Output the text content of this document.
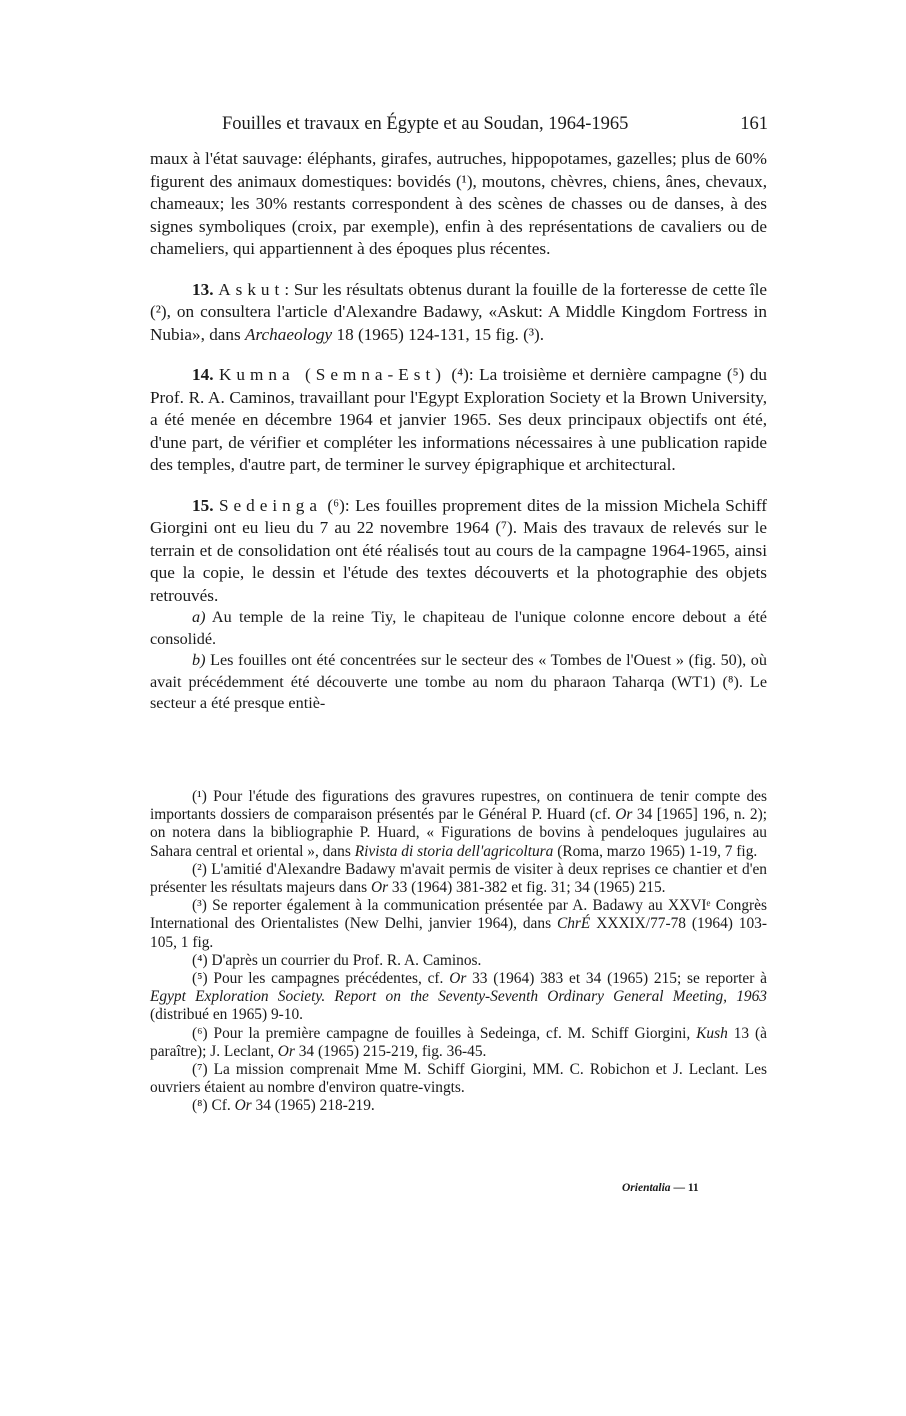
Fouilles et travaux en Égypte et au Soudan, 1964-1965	161

maux à l'état sauvage: éléphants, girafes, autruches, hippopotames, gazelles; plus de 60% figurent des animaux domestiques: bovidés (¹), moutons, chèvres, chiens, ânes, chevaux, chameaux; les 30% restants correspondent à des scènes de chasses ou de danses, à des signes symboliques (croix, par exemple), enfin à des représentations de cavaliers ou de chameliers, qui appartiennent à des époques plus récentes.

13. Askut: Sur les résultats obtenus durant la fouille de la forteresse de cette île (²), on consultera l'article d'Alexandre Badawy, «Askut: A Middle Kingdom Fortress in Nubia», dans Archaeology 18 (1965) 124-131, 15 fig. (³).

14. Kumna (Semna-Est) (⁴): La troisième et dernière campagne (⁵) du Prof. R. A. Caminos, travaillant pour l'Egypt Exploration Society et la Brown University, a été menée en décembre 1964 et janvier 1965. Ses deux principaux objectifs ont été, d'une part, de vérifier et compléter les informations nécessaires à une publication rapide des temples, d'autre part, de terminer le survey épigraphique et architectural.

15. Sedeinga (⁶): Les fouilles proprement dites de la mission Michela Schiff Giorgini ont eu lieu du 7 au 22 novembre 1964 (⁷). Mais des travaux de relevés sur le terrain et de consolidation ont été réalisés tout au cours de la campagne 1964-1965, ainsi que la copie, le dessin et l'étude des textes découverts et la photographie des objets retrouvés.

a) Au temple de la reine Tiy, le chapiteau de l'unique colonne encore debout a été consolidé.

b) Les fouilles ont été concentrées sur le secteur des « Tombes de l'Ouest » (fig. 50), où avait précédemment été découverte une tombe au nom du pharaon Taharqa (WT1) (⁸). Le secteur a été presque entiè-

(¹) Pour l'étude des figurations des gravures rupestres, on continuera de tenir compte des importants dossiers de comparaison présentés par le Général P. Huard (cf. Or 34 [1965] 196, n. 2); on notera dans la bibliographie P. Huard, « Figurations de bovins à pendeloques jugulaires au Sahara central et oriental », dans Rivista di storia dell'agricoltura (Roma, marzo 1965) 1-19, 7 fig.

(²) L'amitié d'Alexandre Badawy m'avait permis de visiter à deux reprises ce chantier et d'en présenter les résultats majeurs dans Or 33 (1964) 381-382 et fig. 31; 34 (1965) 215.

(³) Se reporter également à la communication présentée par A. Badawy au XXVIᵉ Congrès International des Orientalistes (New Delhi, janvier 1964), dans ChrÉ XXXIX/77-78 (1964) 103-105, 1 fig.

(⁴) D'après un courrier du Prof. R. A. Caminos.

(⁵) Pour les campagnes précédentes, cf. Or 33 (1964) 383 et 34 (1965) 215; se reporter à Egypt Exploration Society. Report on the Seventy-Seventh Ordinary General Meeting, 1963 (distribué en 1965) 9-10.

(⁶) Pour la première campagne de fouilles à Sedeinga, cf. M. Schiff Giorgini, Kush 13 (à paraître); J. Leclant, Or 34 (1965) 215-219, fig. 36-45.

(⁷) La mission comprenait Mme M. Schiff Giorgini, MM. C. Robichon et J. Leclant. Les ouvriers étaient au nombre d'environ quatre-vingts.

(⁸) Cf. Or 34 (1965) 218-219.

Orientalia — 11
